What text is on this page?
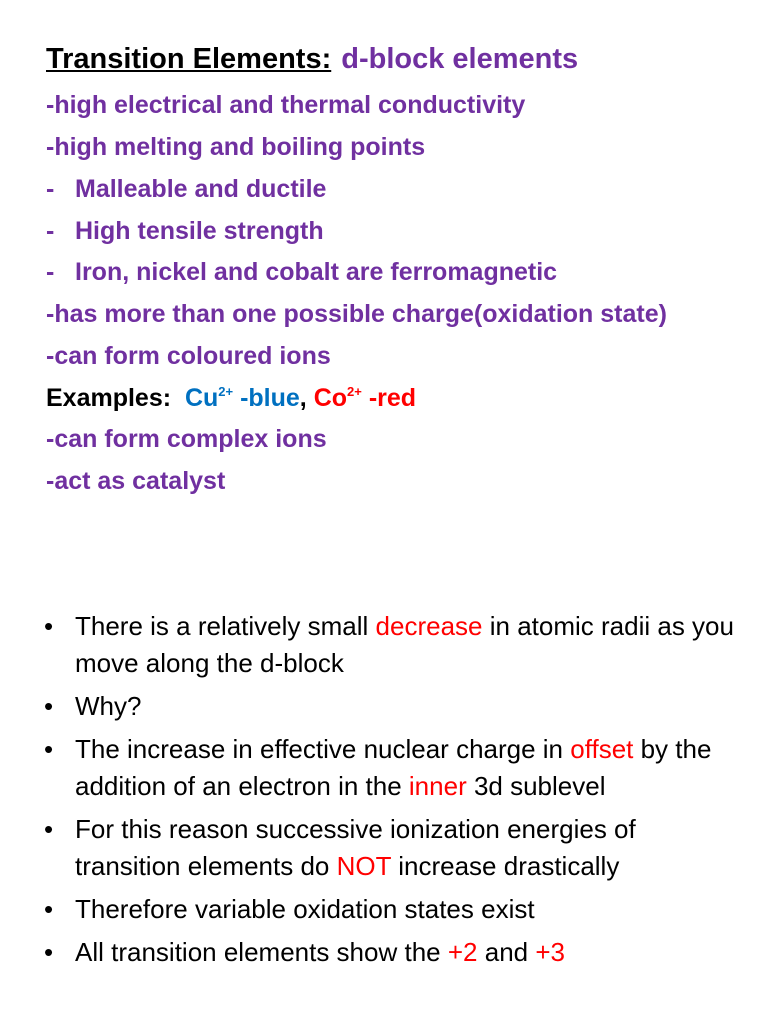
Transition Elements: d-block elements
-high electrical and thermal conductivity
-high melting and boiling points
- Malleable and ductile
- High tensile strength
- Iron, nickel and cobalt are ferromagnetic
-has more than one possible charge(oxidation state)
-can form coloured ions
Examples: $Cu^{2+}$ -blue, $Co^{2+}$ -red
-can form complex ions
-act as catalyst
• There is a relatively small decrease in atomic radii as you move along the d-block
• Why?
• The increase in effective nuclear charge in offset by the addition of an electron in the inner 3d sublevel
• For this reason successive ionization energies of transition elements do NOT increase drastically
• Therefore variable oxidation states exist
• All transition elements show the +2 and +3
